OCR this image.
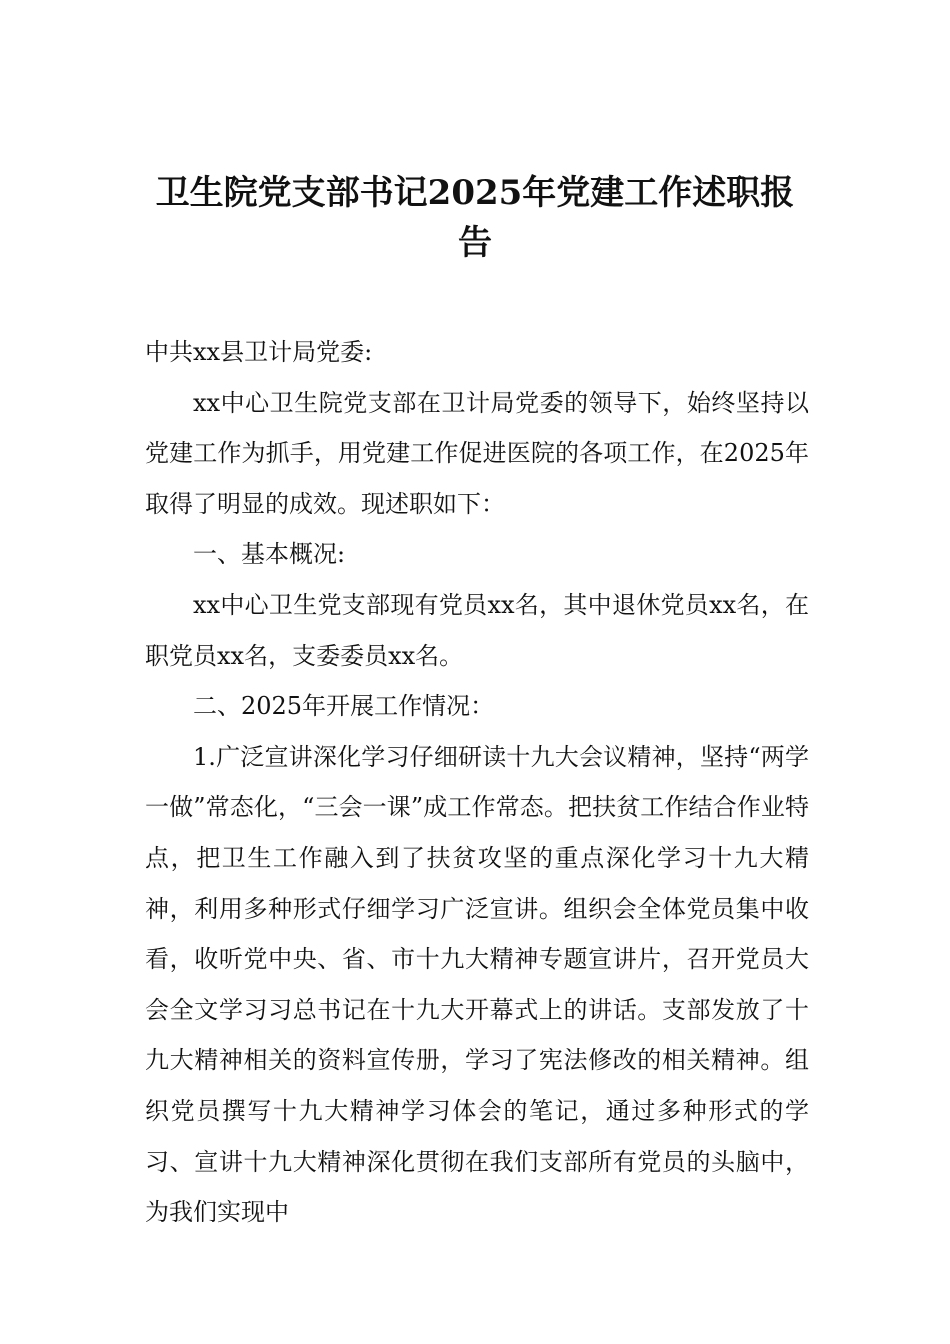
卫生院党支部书记2025年党建工作述职报告

中共xx县卫计局党委:

xx中心卫生院党支部在卫计局党委的领导下，始终坚持以党建工作为抓手，用党建工作促进医院的各项工作，在2025年取得了明显的成效。现述职如下：

一、基本概况:

xx中心卫生党支部现有党员xx名，其中退休党员xx名，在职党员xx名，支委委员xx名。

二、2025年开展工作情况：

1.广泛宣讲深化学习仔细研读十九大会议精神，坚持“两学一做”常态化，“三会一课”成工作常态。把扶贫工作结合作业特点，把卫生工作融入到了扶贫攻坚的重点深化学习十九大精神，利用多种形式仔细学习广泛宣讲。组织会全体党员集中收看，收听党中央、省、市十九大精神专题宣讲片，召开党员大会全文学习习总书记在十九大开幕式上的讲话。支部发放了十九大精神相关的资料宣传册，学习了宪法修改的相关精神。组织党员撰写十九大精神学习体会的笔记，通过多种形式的学习、宣讲十九大精神深化贯彻在我们支部所有党员的头脑中，为我们实现中
